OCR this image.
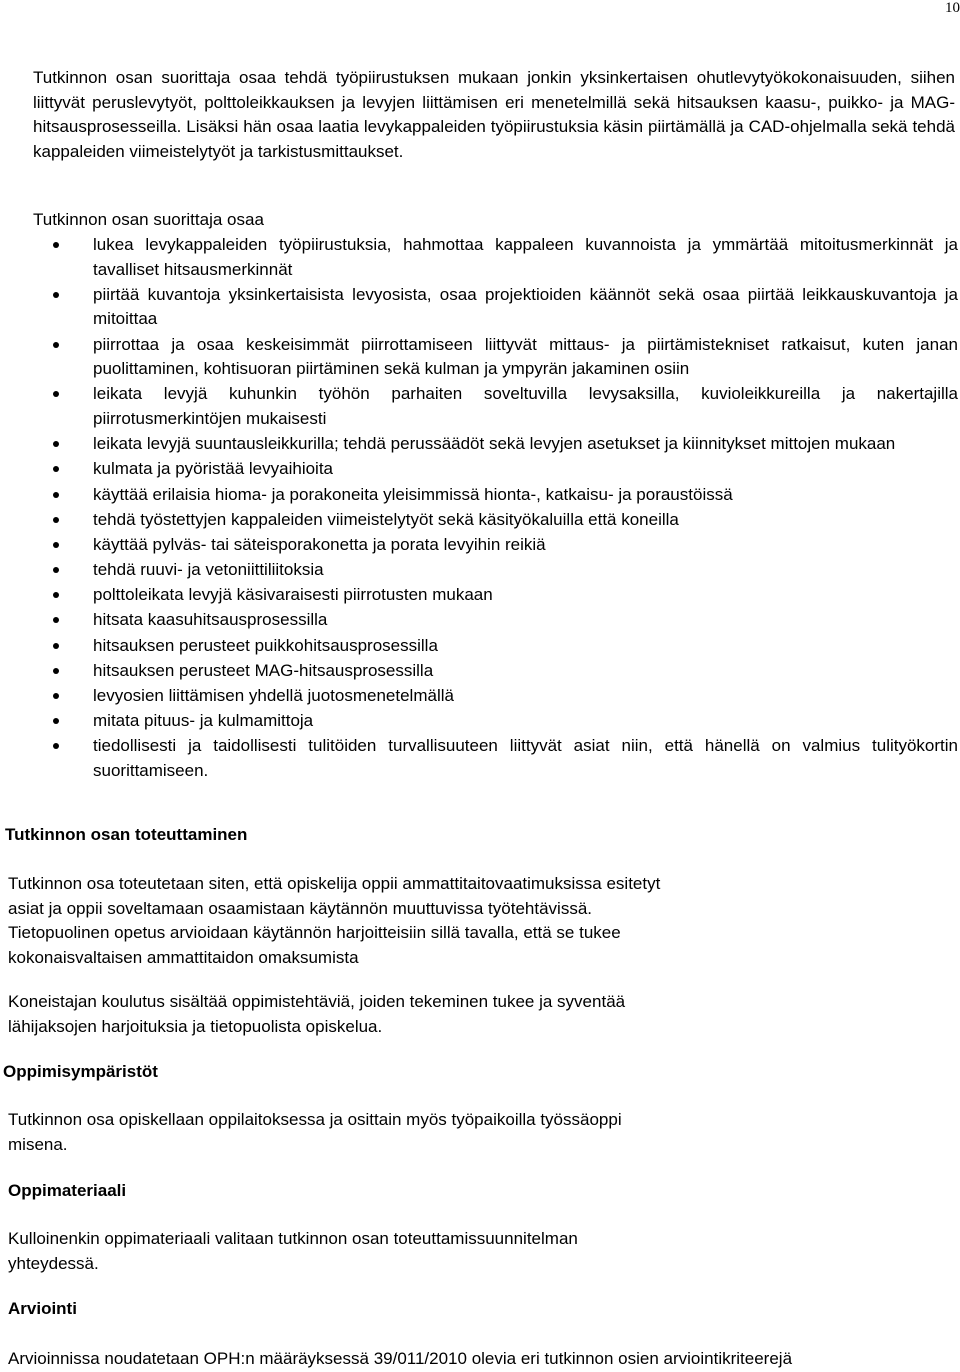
10

Tutkinnon osan suorittaja osaa tehdä työpiirustuksen mukaan jonkin yksinkertaisen ohutlevytyökokonaisuuden, siihen liittyvät peruslevytyöt, polttoleikkauksen ja levyjen liittämisen eri menetelmillä sekä hitsauksen kaasu-, puikko- ja MAG-hitsausprosesseilla. Lisäksi hän osaa laatia levykappaleiden työpiirustuksia käsin piirtämällä ja CAD-ohjelmalla sekä tehdä kappaleiden viimeistelytyöt ja tarkistusmittaukset.

Tutkinnon osan suorittaja osaa

lukea levykappaleiden työpiirustuksia, hahmottaa kappaleen kuvannoista ja ymmärtää mitoitusmerkinnät ja tavalliset hitsausmerkinnät
piirtää kuvantoja yksinkertaisista levyosista, osaa projektioiden käännöt sekä osaa piirtää leikkauskuvantoja ja mitoittaa
piirrottaa ja osaa keskeisimmät piirrottamiseen liittyvät mittaus- ja piirtämistekniset ratkaisut, kuten janan puolittaminen, kohtisuoran piirtäminen sekä kulman ja ympyrän jakaminen osiin
leikata levyjä kuhunkin työhön parhaiten soveltuvilla levysaksilla, kuvioleikkureilla ja nakertajilla piirrotusmerkintöjen mukaisesti
leikata levyjä suuntausleikkurilla; tehdä perussäädöt sekä levyjen asetukset ja kiinnitykset mittojen mukaan
kulmata ja pyöristää levyaihioita
käyttää erilaisia hioma- ja porakoneita yleisimmissä hionta-, katkaisu- ja poraustöissä
tehdä työstettyjen kappaleiden viimeistelytyöt sekä käsityökaluilla että koneilla
käyttää pylväs- tai säteisporakonetta ja porata levyihin reikiä
tehdä ruuvi- ja vetoniittiliitoksia
polttoleikata levyjä käsivaraisesti piirrotusten mukaan
hitsata kaasuhitsausprosessilla
hitsauksen perusteet puikkohitsausprosessilla
hitsauksen perusteet MAG-hitsausprosessilla
levyosien liittämisen yhdellä juotosmenetelmällä
mitata pituus- ja kulmamittoja
tiedollisesti ja taidollisesti tulitöiden turvallisuuteen liittyvät asiat niin, että hänellä on valmius tulityökortin suorittamiseen.
Tutkinnon osan toteuttaminen
Tutkinnon osa toteutetaan siten, että opiskelija oppii ammattitaitovaatimuksissa esitetyt
asiat ja oppii soveltamaan osaamistaan käytännön muuttuvissa työtehtävissä.
Tietopuolinen opetus arvioidaan käytännön harjoitteisiin sillä tavalla, että se tukee
kokonaisvaltaisen ammattitaidon omaksumista
Koneistajan koulutus sisältää oppimistehtäviä, joiden tekeminen tukee ja syventää
lähijaksojen harjoituksia ja tietopuolista opiskelua.
Oppimisympäristöt
Tutkinnon osa opiskellaan oppilaitoksessa ja osittain myös työpaikoilla työssäoppi
misena.
Oppimateriaali
Kulloinenkin oppimateriaali valitaan tutkinnon osan toteuttamissuunnitelman
yhteydessä.
Arviointi
Arvioinnissa noudatetaan OPH:n määräyksessä 39/011/2010 olevia eri tutkinnon osien arviointikriteerejä
